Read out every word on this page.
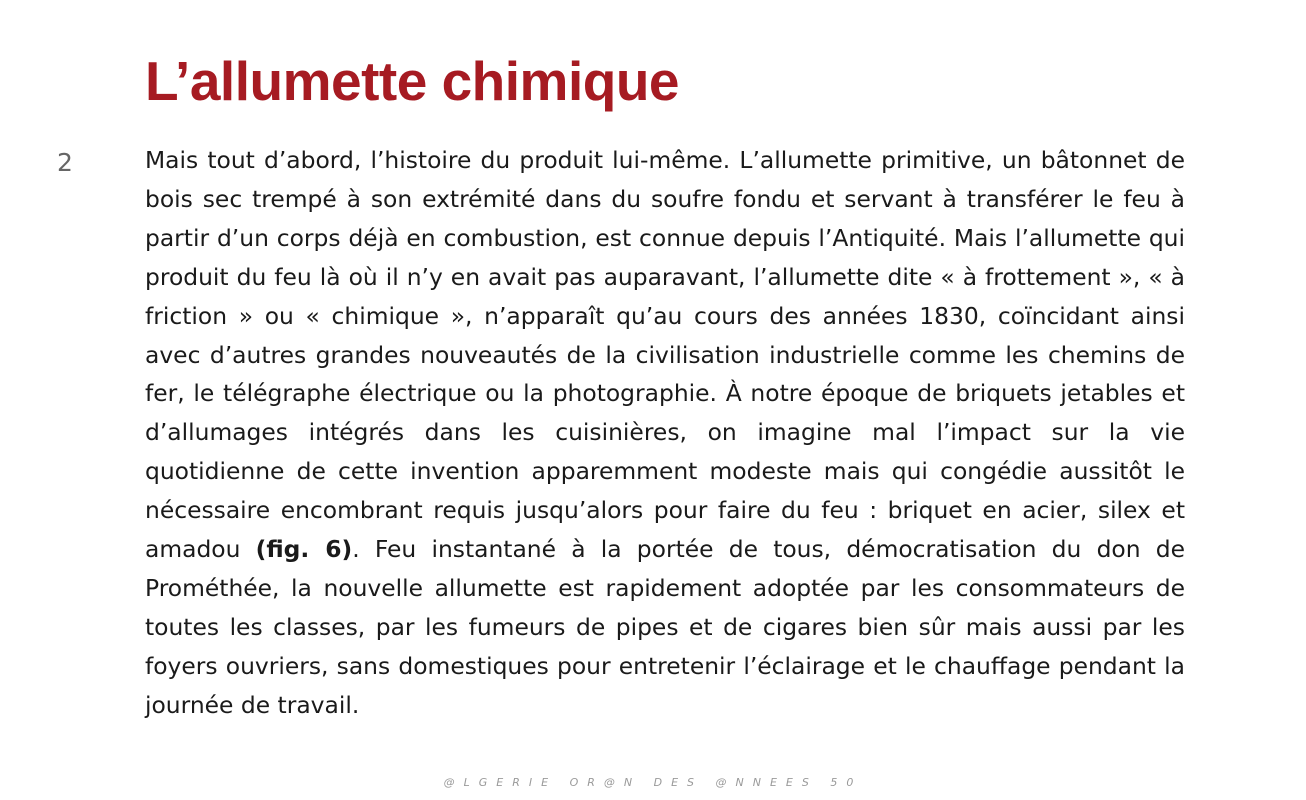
L’allumette chimique
2	Mais tout d’abord, l’histoire du produit lui-même. L’allumette primitive, un bâtonnet de bois sec trempé à son extrémité dans du soufre fondu et servant à transférer le feu à partir d’un corps déjà en combustion, est connue depuis l’Antiquité. Mais l’allumette qui produit du feu là où il n’y en avait pas auparavant, l’allumette dite « à frottement », « à friction » ou « chimique », n’apparaît qu’au cours des années 1830, coïncidant ainsi avec d’autres grandes nouveautés de la civilisation industrielle comme les chemins de fer, le télégraphe électrique ou la photographie. À notre époque de briquets jetables et d’allumages intégrés dans les cuisinières, on imagine mal l’impact sur la vie quotidienne de cette invention apparemment modeste mais qui congédie aussitôt le nécessaire encombrant requis jusqu’alors pour faire du feu : briquet en acier, silex et amadou (fig. 6). Feu instantané à la portée de tous, démocratisation du don de Prométhée, la nouvelle allumette est rapidement adoptée par les consommateurs de toutes les classes, par les fumeurs de pipes et de cigares bien sûr mais aussi par les foyers ouvriers, sans domestiques pour entretenir l’éclairage et le chauffage pendant la journée de travail.

@LGERIE OR@N DES @NNEES 50
